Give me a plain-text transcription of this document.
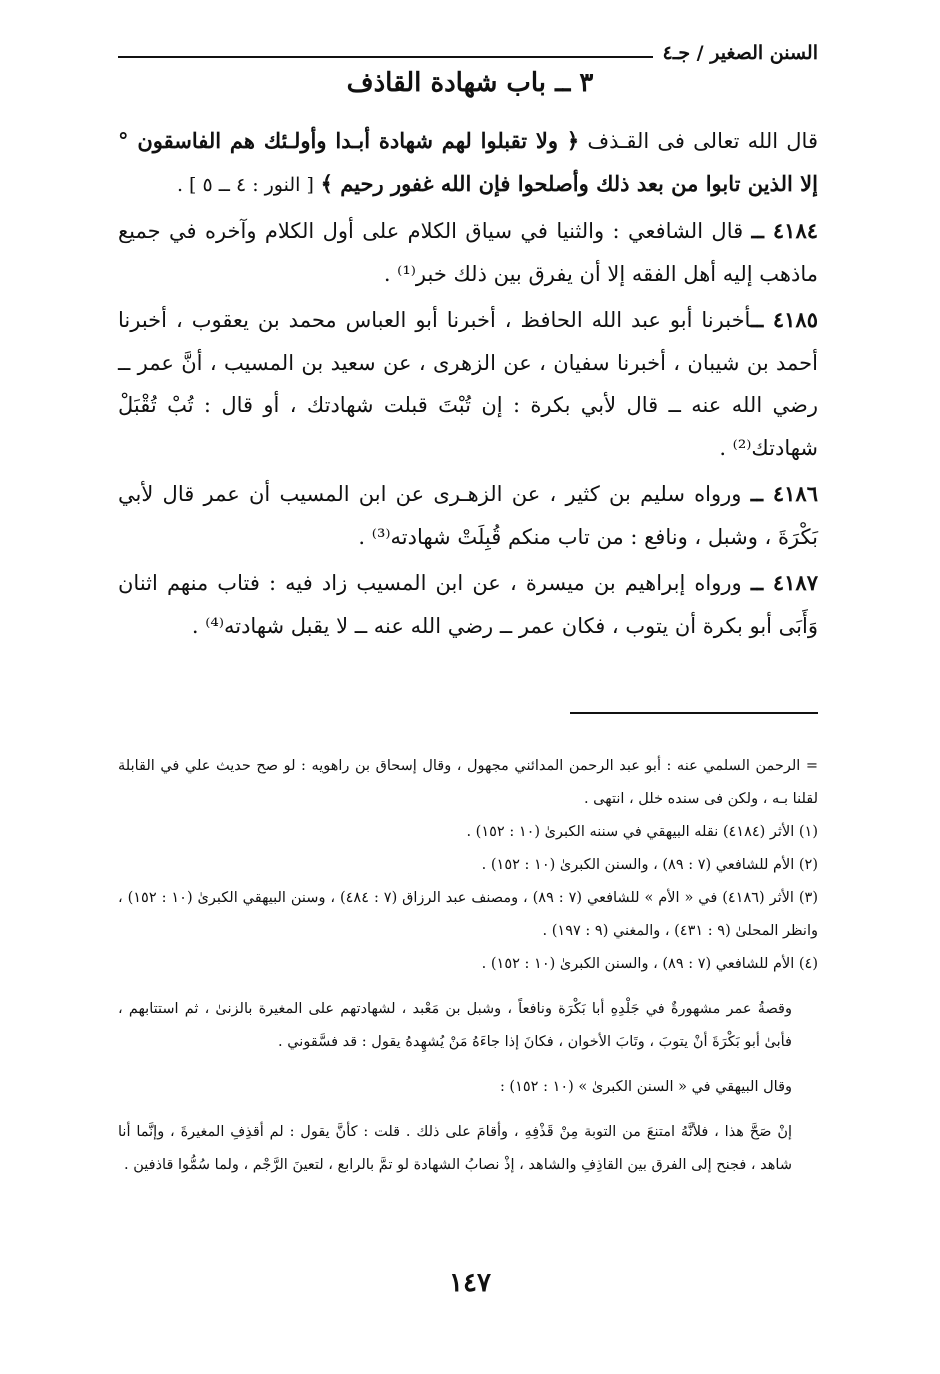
السنن الصغير / جـ٤
٣ ــ باب شهادة القاذف

قال الله تعالى فى القـذف ﴿ ولا تقبلوا لهم شهادة أبـدا وأولـئك هم الفاسقون ° إلا الذين تابوا من بعد ذلك وأصلحوا فإن الله غفور رحيم ﴾ [ النور : ٤ ــ ٥ ] .

٤١٨٤ ــ قال الشافعي : والثنيا في سياق الكلام على أول الكلام وآخره في جميع ماذهب إليه أهل الفقه إلا أن يفرق بين ذلك خبر⁽¹⁾ .

٤١٨٥ ــأخبرنا أبو عبد الله الحافظ ، أخبرنا أبو العباس محمد بن يعقوب ، أخبرنا أحمد بن شيبان ، أخبرنا سفيان ، عن الزهرى ، عن سعيد بن المسيب ، أنَّ عمر ــ رضي الله عنه ــ قال لأبي بكرة : إن تُبْتَ قبلت شهادتك ، أو قال : تُبْ تُقْبَلْ شهادتك⁽²⁾ .

٤١٨٦ ــ ورواه سليم بن كثير ، عن الزهـرى عن ابن المسيب أن عمر قال لأبي بَكْرَةَ ، وشبل ، ونافع : من تاب منكم قُبِلَتْ شهادته⁽³⁾ .

٤١٨٧ ــ ورواه إبراهيم بن ميسرة ، عن ابن المسيب زاد فيه : فتاب منهم اثنان وَأَبَى أبو بكرة أن يتوب ، فكان عمر ــ رضي الله عنه ــ لا يقبل شهادته⁽⁴⁾ .

= الرحمن السلمي عنه : أبو عبد الرحمن المدائني مجهول ، وقال إسحاق بن راهويه : لو صح حديث علي في القابلة لقلنا بـه ، ولكن فى سنده خلل ، انتهى .

(١) الأثر (٤١٨٤) نقله البيهقي في سننه الكبرىٰ (١٠ : ١٥٢) .

(٢) الأم للشافعي (٧ : ٨٩) ، والسنن الكبرىٰ (١٠ : ١٥٢) .

(٣) الأثر (٤١٨٦) في « الأم » للشافعي (٧ : ٨٩) ، ومصنف عبد الرزاق (٧ : ٤٨٤) ، وسنن البيهقي الكبرىٰ (١٠ : ١٥٢) ، وانظر المحلىٰ (٩ : ٤٣١) ، والمغني (٩ : ١٩٧) .

(٤) الأم للشافعي (٧ : ٨٩) ، والسنن الكبرىٰ (١٠ : ١٥٢) .

وقصةُ عمر مشهورةٌ في جَلْدِهِ أبا بَكْرَة ونافعاً ، وشبل بن مَعْبد ، لشهادتهم على المغيرة بالزنىٰ ، ثم استتابهم ، فأبىٰ أبو بَكْرَةَ أنْ يتوبَ ، وتَابَ الأخوان ، فكانَ إذا جاءَهُ مَنْ يُشهِدهُ يقول : قد فسَّقوني .

وقال البيهقي في « السنن الكبرىٰ » (١٠ : ١٥٢) :

إنْ صَحَّ هذا ، فلأنَّهُ امتنعَ من التوبة مِنْ قَذْفِهِ ، وأقامَ على ذلك . قلت : كأنَّ يقول : لم أقذِفِ المغيرةَ ، وإنَّما أنا شاهد ، فجنح إلى الفرق بين القاذِفِ والشاهد ، إذْ نصابُ الشهادة لو تمَّ بالرابع ، لتعينَ الرَّجْم ، ولما سُمُّوا قاذفين .

١٤٧
